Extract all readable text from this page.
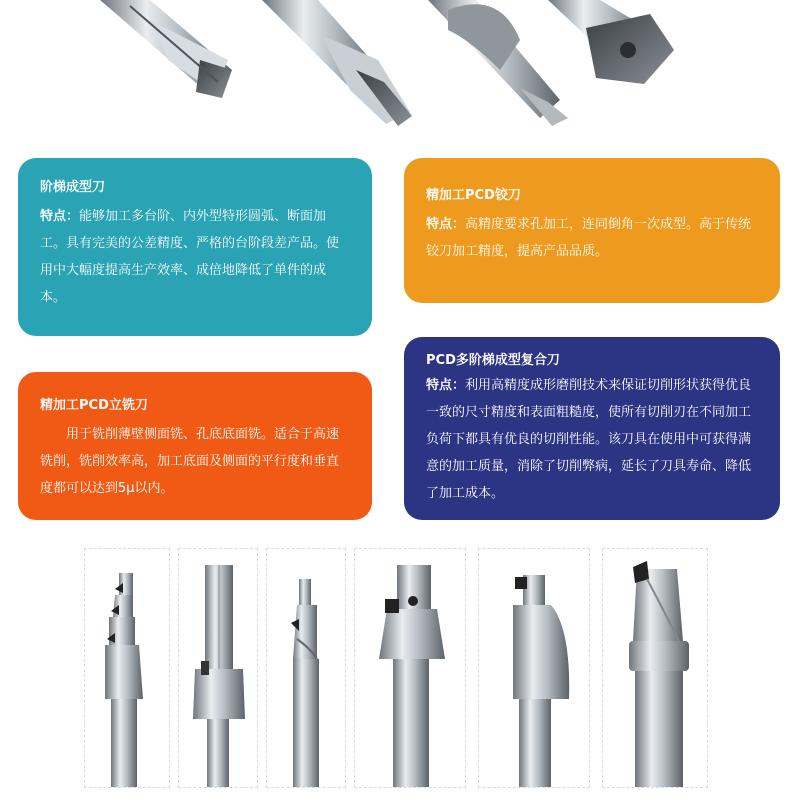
阶梯成型刀

特点：能够加工多台阶、内外型特形圆弧、断面加工。具有完美的公差精度、严格的台阶段差产品。使用中大幅度提高生产效率、成倍地降低了单件的成本。

精加工PCD铰刀

特点：高精度要求孔加工，连同倒角一次成型。高于传统铰刀加工精度，提高产品品质。

精加工PCD立铣刀

用于铣削薄壁侧面铣、孔底底面铣。适合于高速铣削，铣削效率高，加工底面及侧面的平行度和垂直度都可以达到5μ以内。

PCD多阶梯成型复合刀

特点：利用高精度成形磨削技术来保证切削形状获得优良一致的尺寸精度和表面粗糙度，使所有切削刃在不同加工负荷下都具有优良的切削性能。该刀具在使用中可获得满意的加工质量，消除了切削弊病，延长了刀具寿命、降低了加工成本。
